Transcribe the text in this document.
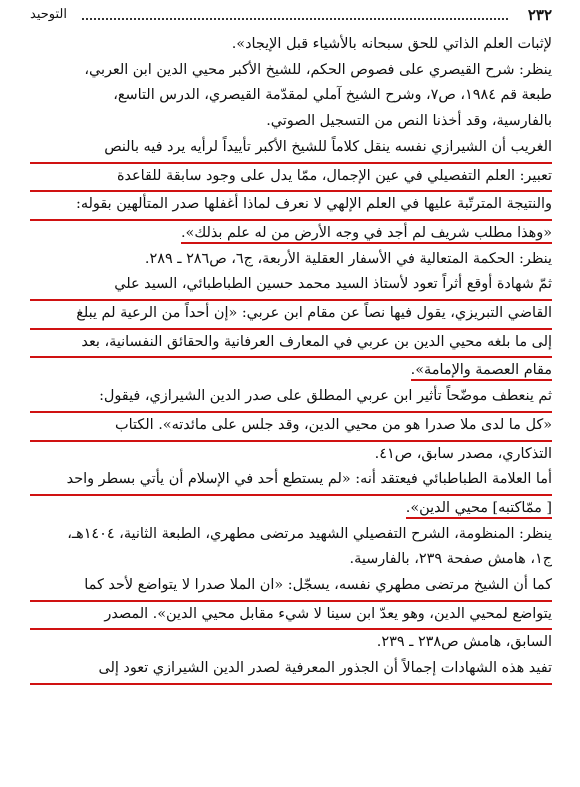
٢٣٢
التوحيد

لإثبات العلم الذاتي للحق سبحانه بالأشياء قبل الإيجاد».

ينظر: شرح القيصري على فصوص الحكم، للشيخ الأكبر محيي الدين ابن العربي،

طبعة قم ١٩٨٤، ص٧، وشرح الشيخ آملي لمقدّمة القيصري، الدرس التاسع،

بالفارسية، وقد أخذنا النص من التسجيل الصوتي.

الغريب أن الشيرازي نفسه ينقل كلاماً للشيخ الأكبر تأييداً لرأيه يرد فيه بالنص

تعبير: العلم التفصيلي في عين الإجمال، ممّا يدل على وجود سابقة للقاعدة

والنتيجة المترتّبة عليها في العلم الإلهي لا نعرف لماذا أغفلها صدر المتألهين بقوله:

«وهذا مطلب شريف لم أجد في وجه الأرض من له علم بذلك».

ينظر: الحكمة المتعالية في الأسفار العقلية الأربعة، ج٦، ص٢٨٦ ـ ٢٨٩.

ثمّ شهادة أوقع أثراً تعود لأستاذ السيد محمد حسين الطباطبائي، السيد علي

القاضي التبريزي، يقول فيها نصاً عن مقام ابن عربي: «إن أحداً من الرعية لم يبلغ

إلى ما بلغه محيي الدين بن عربي في المعارف العرفانية والحقائق النفسانية، بعد

مقام العصمة والإمامة».

ثم ينعطف موضّحاً تأثير ابن عربي المطلق على صدر الدين الشيرازي، فيقول:

«كل ما لدى ملا صدرا هو من محيي الدين، وقد جلس على مائدته». الكتاب

التذكاري، مصدر سابق، ص٤١.

أما العلامة الطباطبائي فيعتقد أنه: «لم يستطع أحد في الإسلام أن يأتي بسطر واحد

[ ممّاكتبه] محيي الدين».

ينظر: المنظومة، الشرح التفصيلي الشهيد مرتضى مطهري، الطبعة الثانية، ١٤٠٤هـ،

ج١، هامش صفحة ٢٣٩، بالفارسية.

كما أن الشيخ مرتضى مطهري نفسه، يسجّل: «ان الملا صدرا لا يتواضع لأحد كما

يتواضع لمحيي الدين، وهو يعدّ ابن سينا لا شيء مقابل محيي الدين». المصدر

السابق، هامش ص٢٣٨ ـ ٢٣٩.

تفيد هذه الشهادات إجمالاً أن الجذور المعرفية لصدر الدين الشيرازي تعود إلى
